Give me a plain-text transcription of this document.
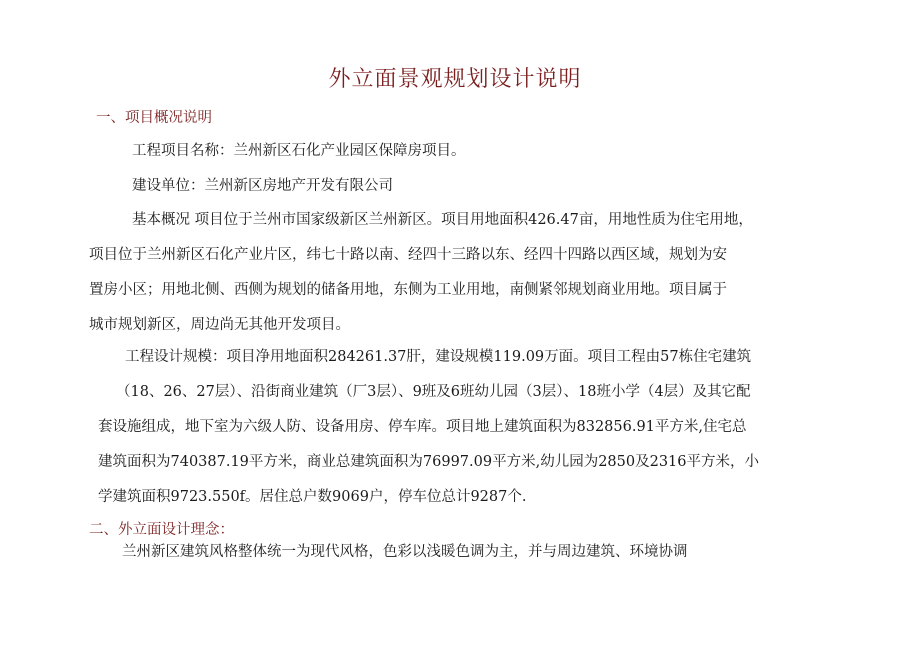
外立面景观规划设计说明
一、项目概况说明
工程项目名称：兰州新区石化产业园区保障房项目。
建设单位：兰州新区房地产开发有限公司
基本概况 项目位于兰州市国家级新区兰州新区。项目用地面积426.47亩，用地性质为住宅用地，
项目位于兰州新区石化产业片区，纬七十路以南、经四十三路以东、经四十四路以西区域，规划为安
置房小区；用地北侧、西侧为规划的储备用地，东侧为工业用地，南侧紧邻规划商业用地。项目属于
城市规划新区，周边尚无其他开发项目。
工程设计规模：项目净用地面积284261.37肝，建设规模119.09万面。项目工程由57栋住宅建筑
（18、26、27层）、沿街商业建筑（厂3层）、9班及6班幼儿园（3层）、18班小学（4层）及其它配
套设施组成，地下室为六级人防、设备用房、停车库。项目地上建筑面积为832856.91平方米,住宅总
建筑面积为740387.19平方米，商业总建筑面积为76997.09平方米,幼儿园为2850及2316平方米，小
学建筑面积9723.550f。居住总户数9069户，停车位总计9287个.
二、外立面设计理念：
兰州新区建筑风格整体统一为现代风格，色彩以浅暖色调为主，并与周边建筑、环境协调
